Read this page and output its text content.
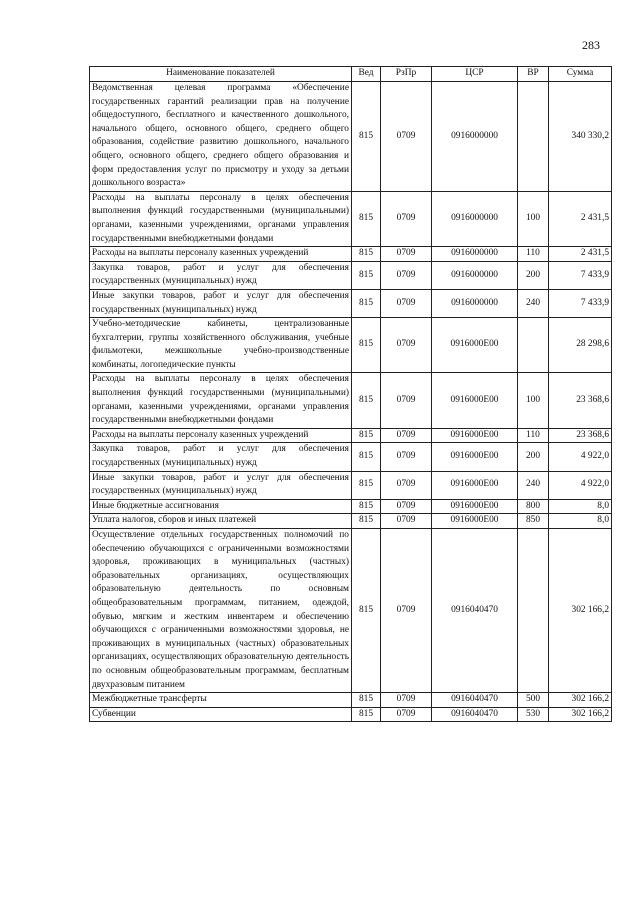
283
Наименование показателей	Вед	РзПр	ЦСР	ВР	Сумма
Ведомственная целевая программа «Обеспечение государственных гарантий реализации прав на получение общедоступного, бесплатного и качественного дошкольного, начального общего, основного общего, среднего общего образования, содействие развитию дошкольного, начального общего, основного общего, среднего общего образования и форм предоставления услуг по присмотру и уходу за детьми дошкольного возраста»	815	0709	0916000000		340 330,2
Расходы на выплаты персоналу в целях обеспечения выполнения функций государственными (муниципальными) органами, казенными учреждениями, органами управления государственными внебюджетными фондами	815	0709	0916000000	100	2 431,5
Расходы на выплаты персоналу казенных учреждений	815	0709	0916000000	110	2 431,5
Закупка товаров, работ и услуг для обеспечения государственных (муниципальных) нужд	815	0709	0916000000	200	7 433,9
Иные закупки товаров, работ и услуг для обеспечения государственных (муниципальных) нужд	815	0709	0916000000	240	7 433,9
Учебно-методические кабинеты, централизованные бухгалтерии, группы хозяйственного обслуживания, учебные фильмотеки, межшкольные учебно-производственные комбинаты, логопедические пункты	815	0709	0916000Е00		28 298,6
Расходы на выплаты персоналу в целях обеспечения выполнения функций государственными (муниципальными) органами, казенными учреждениями, органами управления государственными внебюджетными фондами	815	0709	0916000Е00	100	23 368,6
Расходы на выплаты персоналу казенных учреждений	815	0709	0916000Е00	110	23 368,6
Закупка товаров, работ и услуг для обеспечения государственных (муниципальных) нужд	815	0709	0916000Е00	200	4 922,0
Иные закупки товаров, работ и услуг для обеспечения государственных (муниципальных) нужд	815	0709	0916000Е00	240	4 922,0
Иные бюджетные ассигнования	815	0709	0916000Е00	800	8,0
Уплата налогов, сборов и иных платежей	815	0709	0916000Е00	850	8,0
Осуществление отдельных государственных полномочий по обеспечению обучающихся с ограниченными возможностями здоровья, проживающих в муниципальных (частных) образовательных организациях, осуществляющих образовательную деятельность по основным общеобразовательным программам, питанием, одеждой, обувью, мягким и жестким инвентарем и обеспечению обучающихся с ограниченными возможностями здоровья, не проживающих в муниципальных (частных) образовательных организациях, осуществляющих образовательную деятельность по основным общеобразовательным программам, бесплатным двухразовым питанием	815	0709	0916040470		302 166,2
Межбюджетные трансферты	815	0709	0916040470	500	302 166,2
Субвенции	815	0709	0916040470	530	302 166,2
